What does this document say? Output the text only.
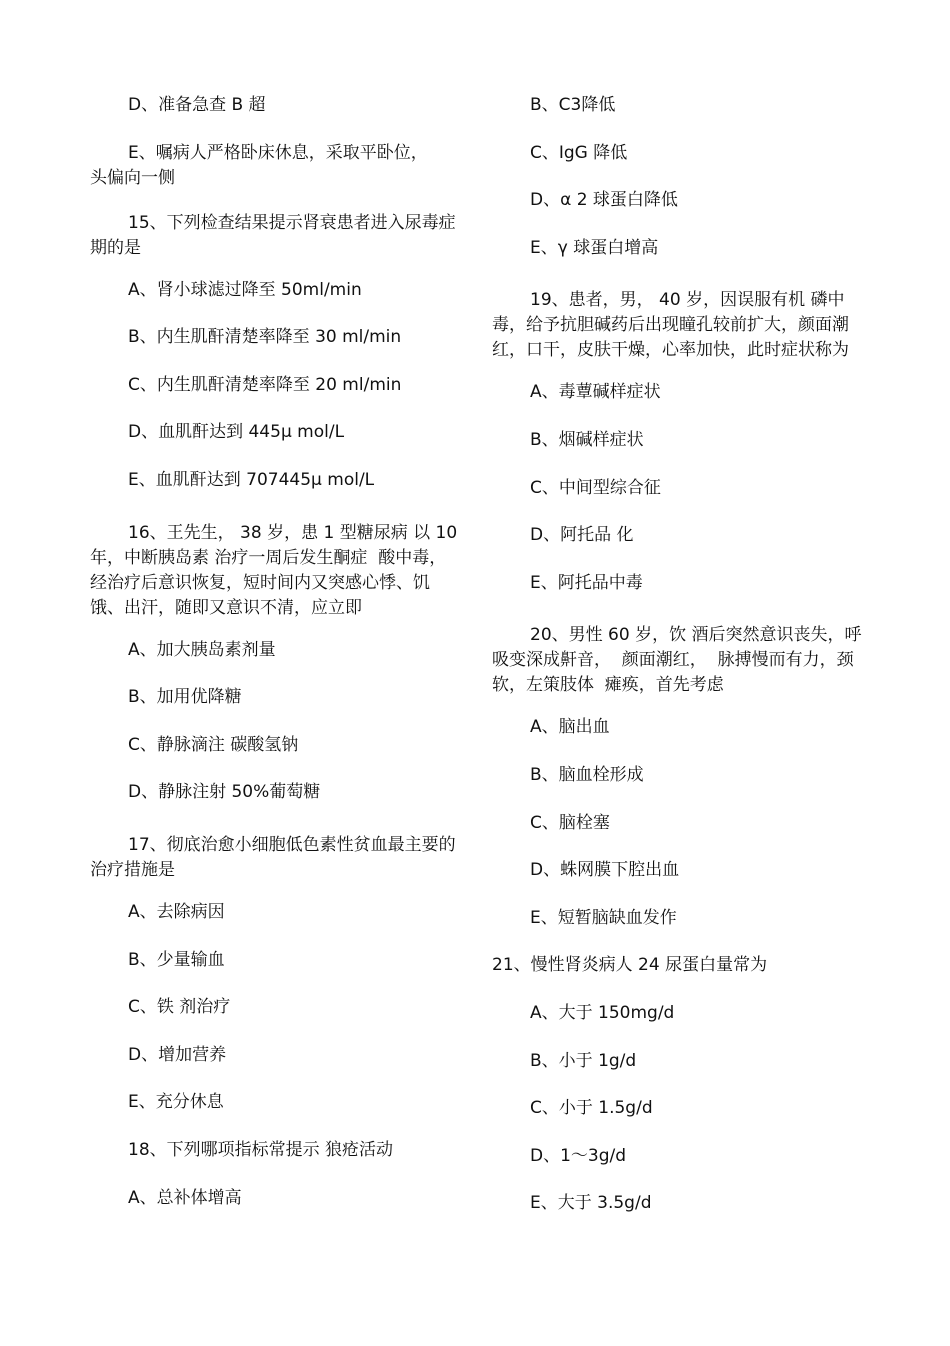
D、准备急查 B 超
E、嘱病人严格卧床休息，采取平卧位，
头偏向一侧
15、下列检查结果提示肾衰患者进入尿毒症期的是
A、肾小球滤过降至 50ml/min
B、内生肌酐清楚率降至 30 ml/min
C、内生肌酐清楚率降至 20 ml/min
D、血肌酐达到 445μ mol/L
E、血肌酐达到 707445μ mol/L
16、王先生， 38 岁，患 1 型糖尿病 以 10 年，中断胰岛素 治疗一周后发生酮症  酸中毒，经治疗后意识恢复，短时间内又突感心悸、饥饿、出汗，随即又意识不清，应立即
A、加大胰岛素剂量
B、加用优降糖
C、静脉滴注 碳酸氢钠
D、静脉注射 50%葡萄糖
17、彻底治愈小细胞低色素性贫血最主要的治疗措施是
A、去除病因
B、少量输血
C、铁 剂治疗
D、增加营养
E、充分休息
18、下列哪项指标常提示 狼疮活动
A、总补体增高
B、C3降低
C、IgG 降低
D、α 2 球蛋白降低
E、γ 球蛋白增高
19、患者，男， 40 岁，因误服有机 磷中毒，给予抗胆碱药后出现瞳孔较前扩大，颜面潮红，口干，皮肤干燥，心率加快，此时症状称为
A、毒蕈碱样症状
B、烟碱样症状
C、中间型综合征
D、阿托品 化
E、阿托品中毒
20、男性 60 岁，饮 酒后突然意识丧失，呼吸变深成鼾音，  颜面潮红，  脉搏慢而有力，颈软，左策肢体  瘫痪，首先考虑
A、脑出血
B、脑血栓形成
C、脑栓塞
D、蛛网膜下腔出血
E、短暂脑缺血发作
21、慢性肾炎病人 24 尿蛋白量常为
A、大于 150mg/d
B、小于 1g/d
C、小于 1.5g/d
D、1～3g/d
E、大于 3.5g/d
